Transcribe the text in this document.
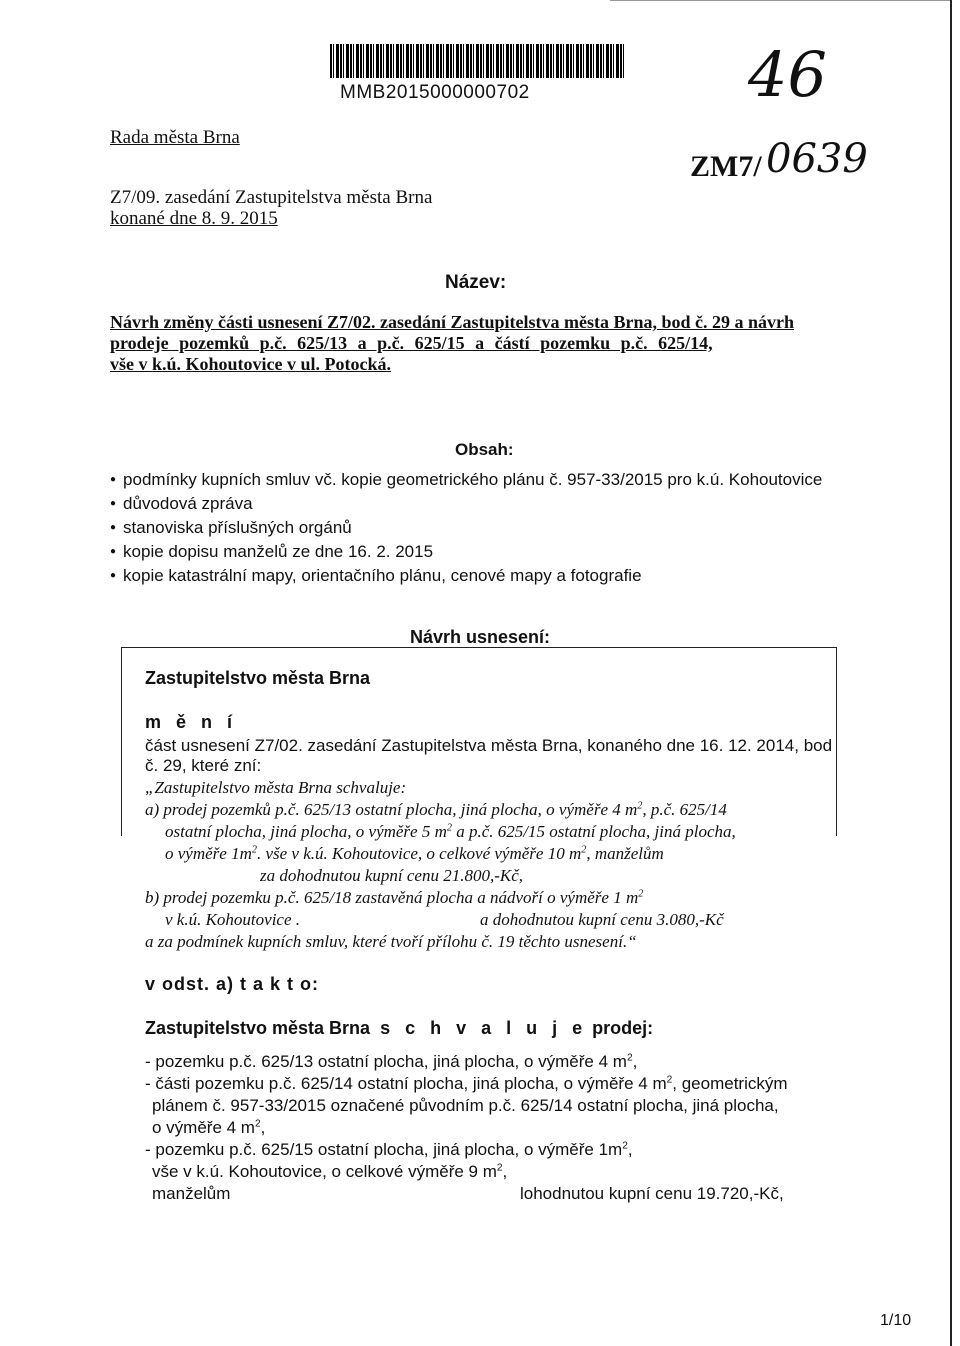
MMB2015000000702	46
ZM7/ 0639
Rada města Brna
Z7/09. zasedání Zastupitelstva města Brna
konané dne 8. 9. 2015
Název:
Návrh změny části usnesení Z7/02. zasedání Zastupitelstva města Brna, bod č. 29 a návrh
prodeje pozemků p.č. 625/13 a p.č. 625/15 a částí pozemku p.č. 625/14,
vše v k.ú. Kohoutovice v ul. Potocká.
Obsah:
● podmínky kupních smluv vč. kopie geometrického plánu č. 957-33/2015 pro k.ú. Kohoutovice
● důvodová zpráva
● stanoviska příslušných orgánů
● kopie dopisu manželů ze dne 16. 2. 2015
● kopie katastrální mapy, orientačního plánu, cenové mapy a fotografie
Návrh usnesení:
Zastupitelstvo města Brna
m ě n í
část usnesení Z7/02. zasedání Zastupitelstva města Brna, konaného dne 16. 12. 2014, bod
č. 29, které zní:
„Zastupitelstvo města Brna schvaluje:
a) prodej pozemků p.č. 625/13 ostatní plocha, jiná plocha, o výměře 4 $m^2$, p.č. 625/14
ostatní plocha, jiná plocha, o výměře 5 $m^2$ a p.č. 625/15 ostatní plocha, jiná plocha,
o výměře $1m^2$. vše v k.ú. Kohoutovice, o celkové výměře 10 $m^2$, manželům
za dohodnutou kupní cenu 21.800,-Kč,
b) prodej pozemku p.č. 625/18 zastavěná plocha a nádvoří o výměře 1 $m^2$
v k.ú. Kohoutovice .	a dohodnutou kupní cenu 3.080,-Kč
a za podmínek kupních smluv, které tvoří přílohu č. 19 těchto usnesení.“
v odst. a) t a k t o:
Zastupitelstvo města Brna s c h v a l u j e prodej:
- pozemku p.č. 625/13 ostatní plocha, jiná plocha, o výměře 4 $m^2$,
- části pozemku p.č. 625/14 ostatní plocha, jiná plocha, o výměře 4 $m^2$, geometrickým
plánem č. 957-33/2015 označené původním p.č. 625/14 ostatní plocha, jiná plocha,
o výměře 4 $m^2$,
- pozemku p.č. 625/15 ostatní plocha, jiná plocha, o výměře $1m^2$,
vše v k.ú. Kohoutovice, o celkové výměře 9 $m^2$,
manželům	lohodnutou kupní cenu 19.720,-Kč,
1/10
